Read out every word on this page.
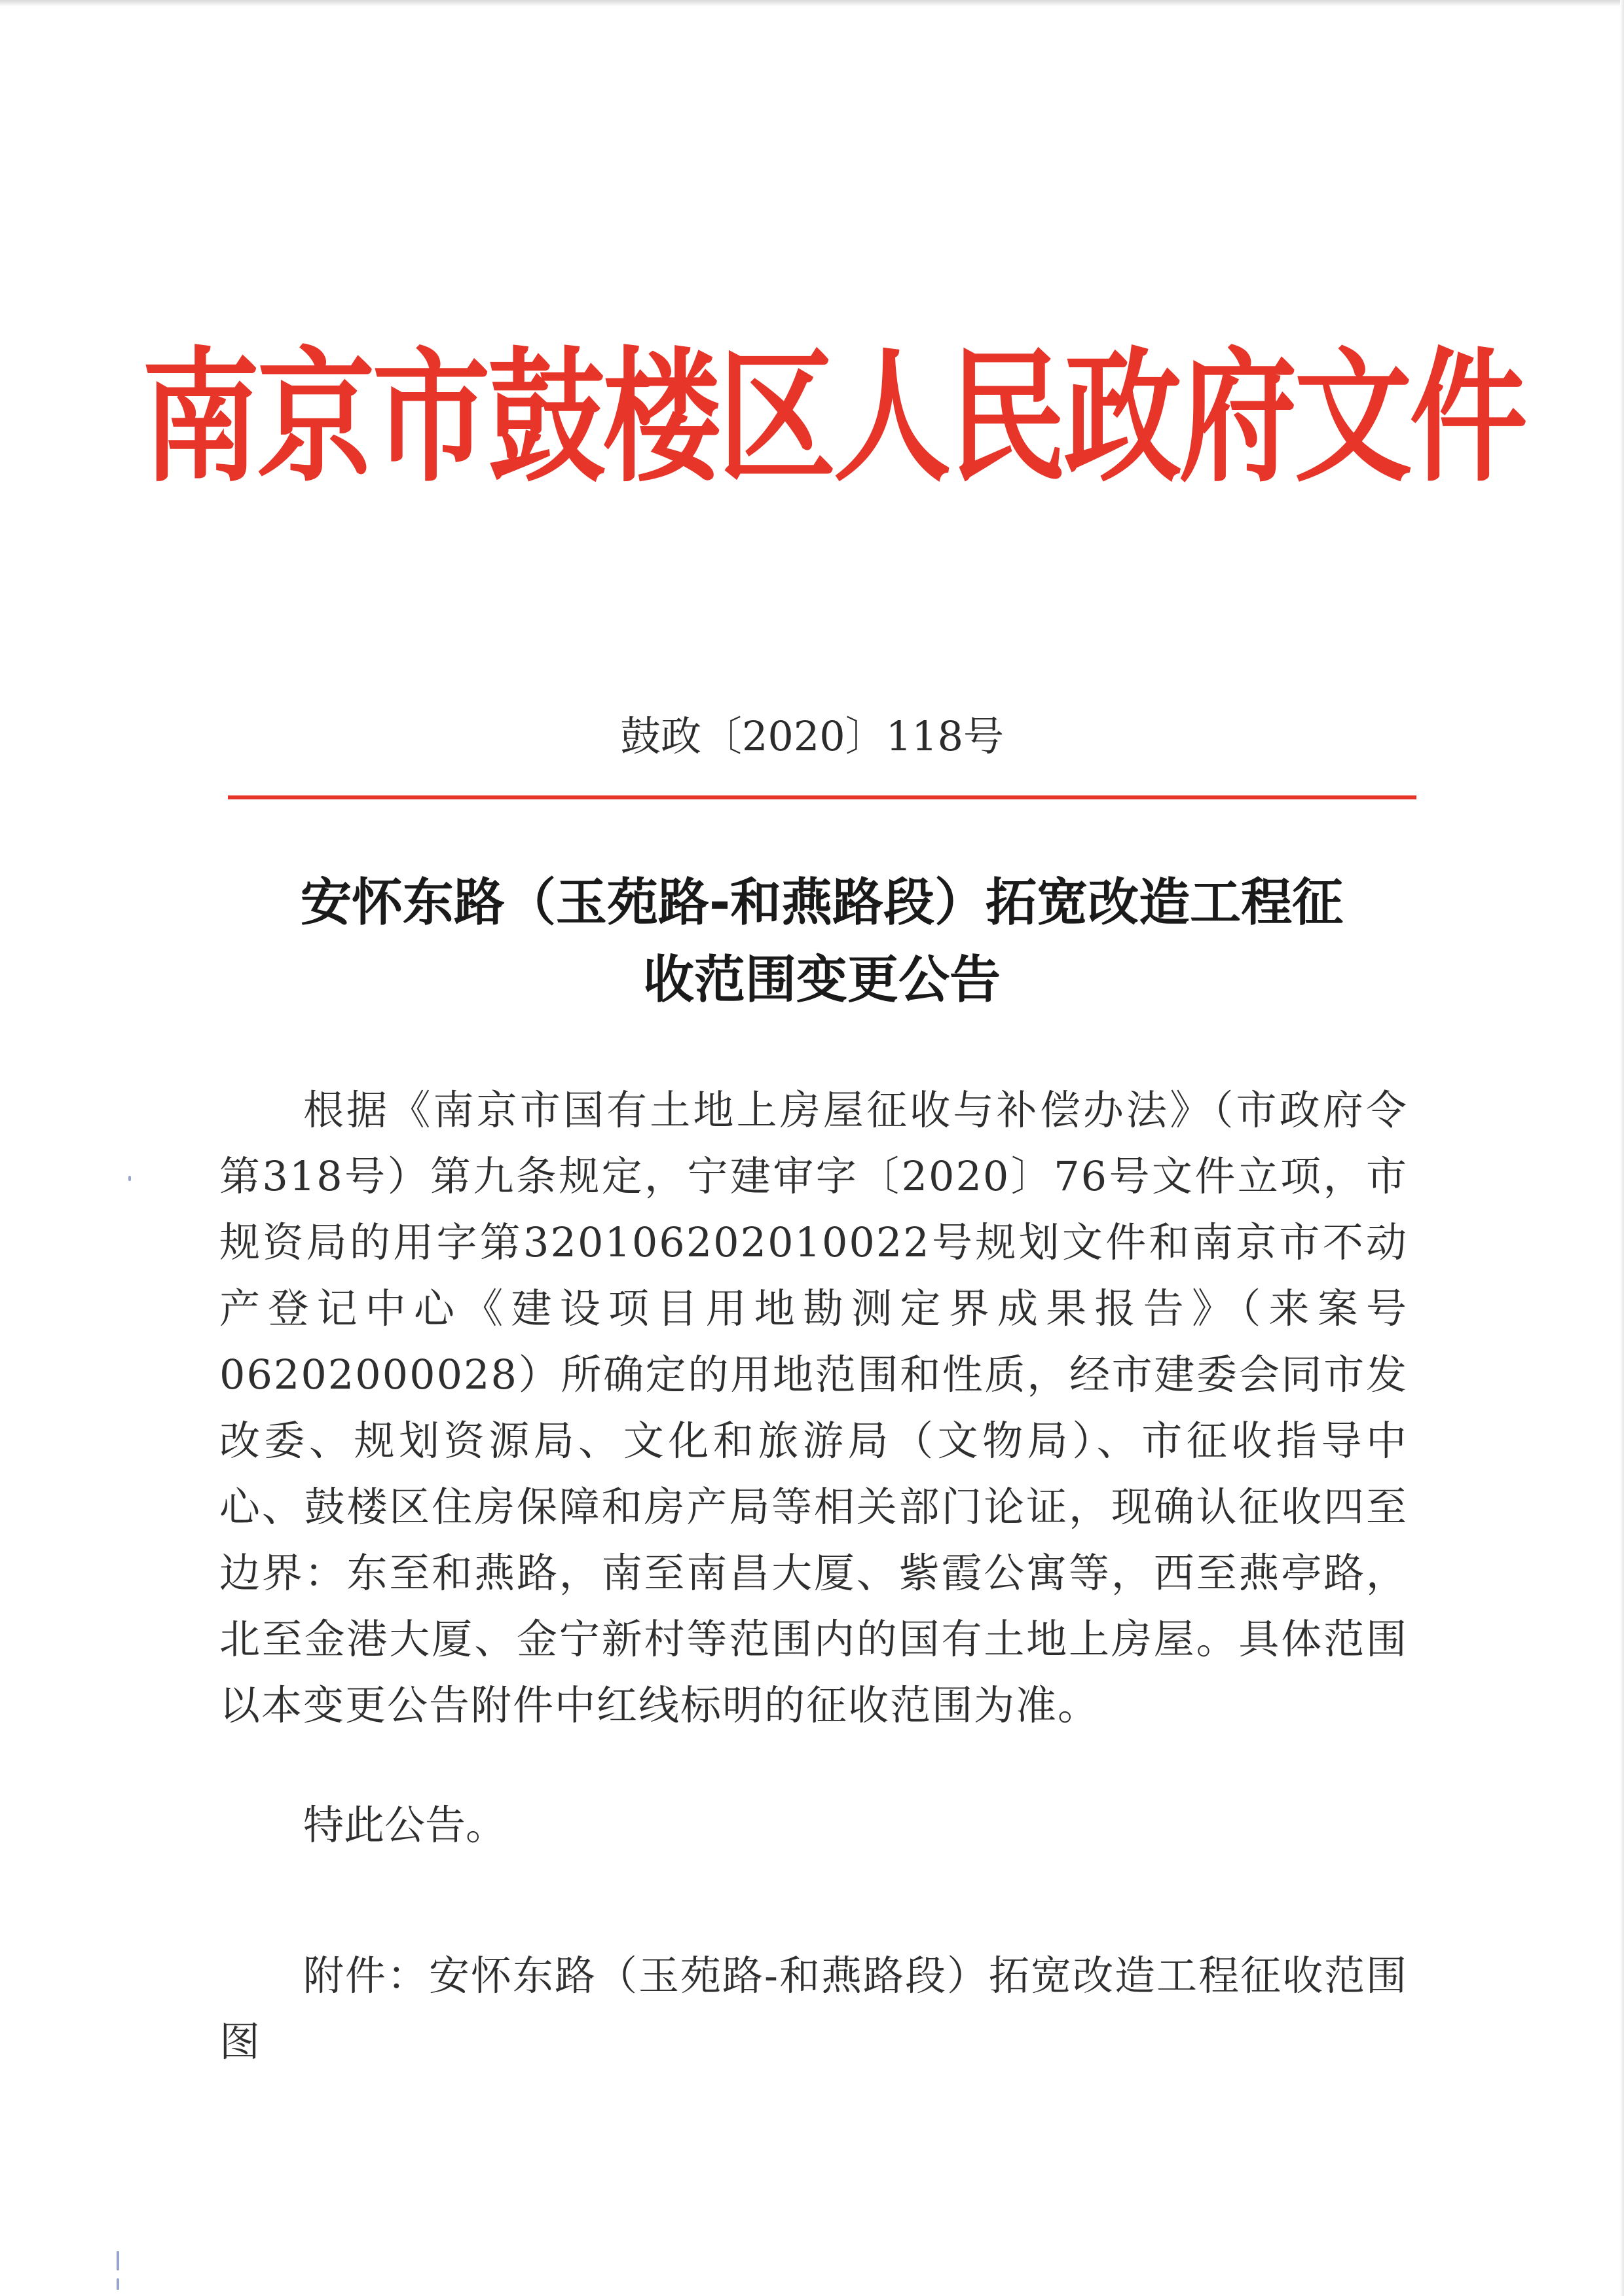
南京市鼓楼区人民政府文件
鼓政〔2020〕118号
安怀东路（玉苑路-和燕路段）拓宽改造工程征
收范围变更公告

根据《南京市国有土地上房屋征收与补偿办法》（市政府令第318号）第九条规定，宁建审字〔2020〕76号文件立项，市规资局的用字第320106202010022号规划文件和南京市不动产登记中心《建设项目用地勘测定界成果报告》（来案号06202000028）所确定的用地范围和性质，经市建委会同市发改委、规划资源局、文化和旅游局（文物局）、市征收指导中心、鼓楼区住房保障和房产局等相关部门论证，现确认征收四至边界：东至和燕路，南至南昌大厦、紫霞公寓等，西至燕亭路，北至金港大厦、金宁新村等范围内的国有土地上房屋。具体范围以本变更公告附件中红线标明的征收范围为准。

特此公告。
附件：安怀东路（玉苑路-和燕路段）拓宽改造工程征收范围图
